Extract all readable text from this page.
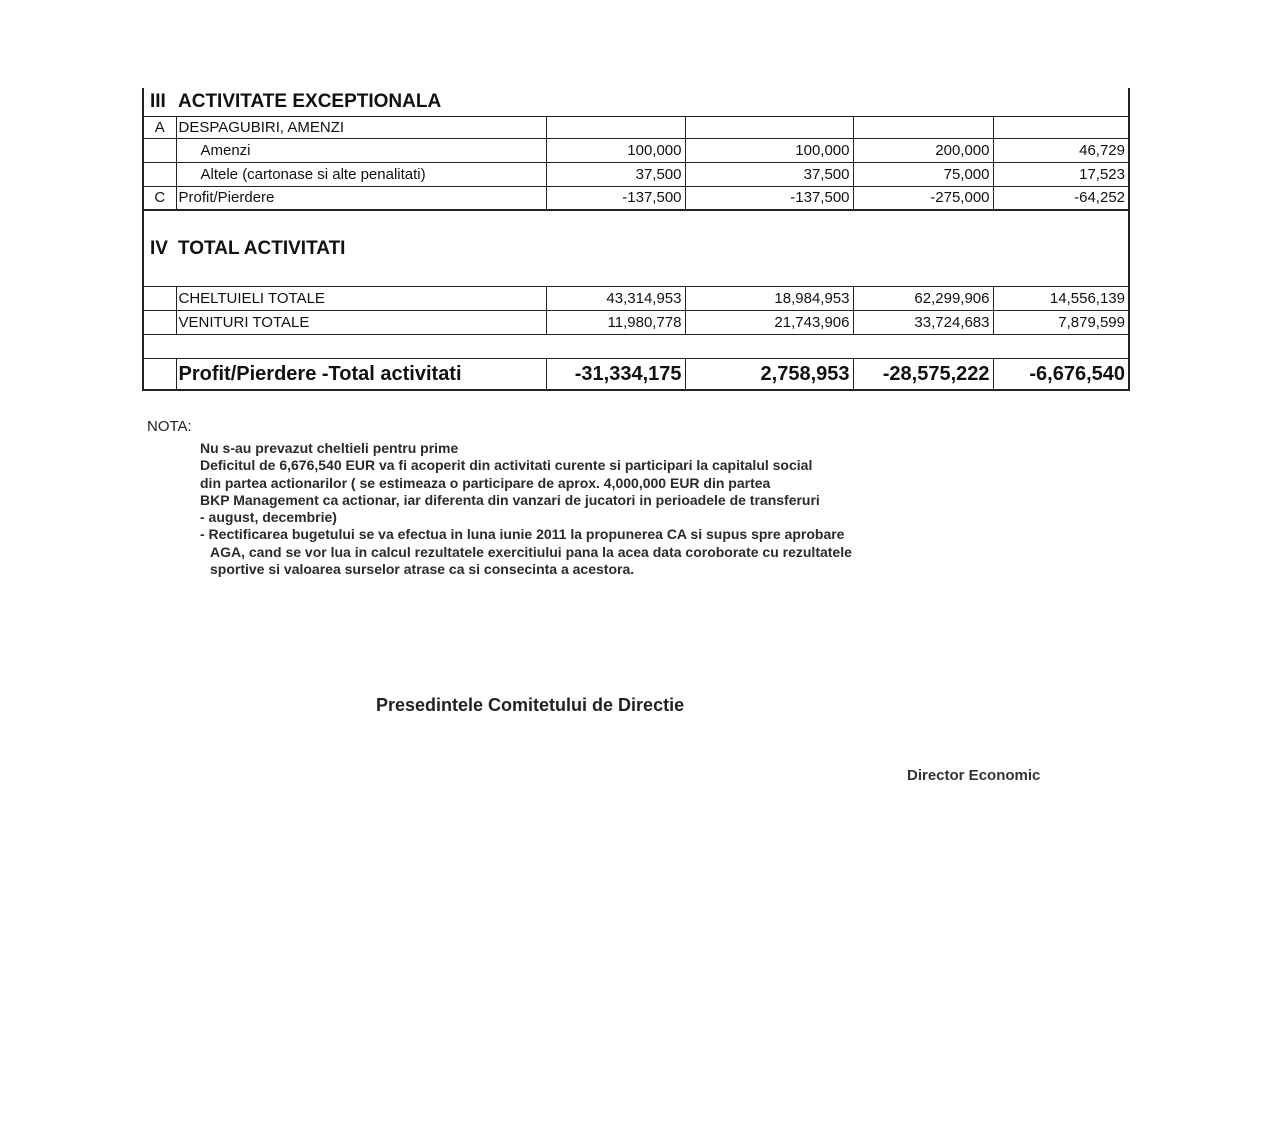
III	ACTIVITATE EXCEPTIONALA				
A	DESPAGUBIRI, AMENZI				
	Amenzi	100,000	100,000	200,000	46,729
	Altele (cartonase si alte penalitati)	37,500	37,500	75,000	17,523
C	Profit/Pierdere	-137,500	-137,500	-275,000	-64,252
IV	TOTAL ACTIVITATI				
	CHELTUIELI TOTALE	43,314,953	18,984,953	62,299,906	14,556,139
	VENITURI TOTALE	11,980,778	21,743,906	33,724,683	7,879,599

	Profit/Pierdere -Total activitati	-31,334,175	2,758,953	-28,575,222	-6,676,540
NOTA:
Nu s-au prevazut cheltieli pentru prime
Deficitul de 6,676,540 EUR va fi acoperit din activitati curente si participari la capitalul social
din partea actionarilor ( se estimeaza o participare de aprox. 4,000,000 EUR din partea
BKP Management ca actionar, iar diferenta din vanzari de jucatori in perioadele de transferuri
- august, decembrie)
- Rectificarea bugetului se va efectua in luna iunie 2011 la propunerea CA si supus spre aprobare
AGA, cand se vor lua in calcul rezultatele exercitiului pana la acea data coroborate cu rezultatele
sportive si valoarea surselor atrase ca si consecinta a acestora.
Presedintele Comitetului de Directie
Director Economic
